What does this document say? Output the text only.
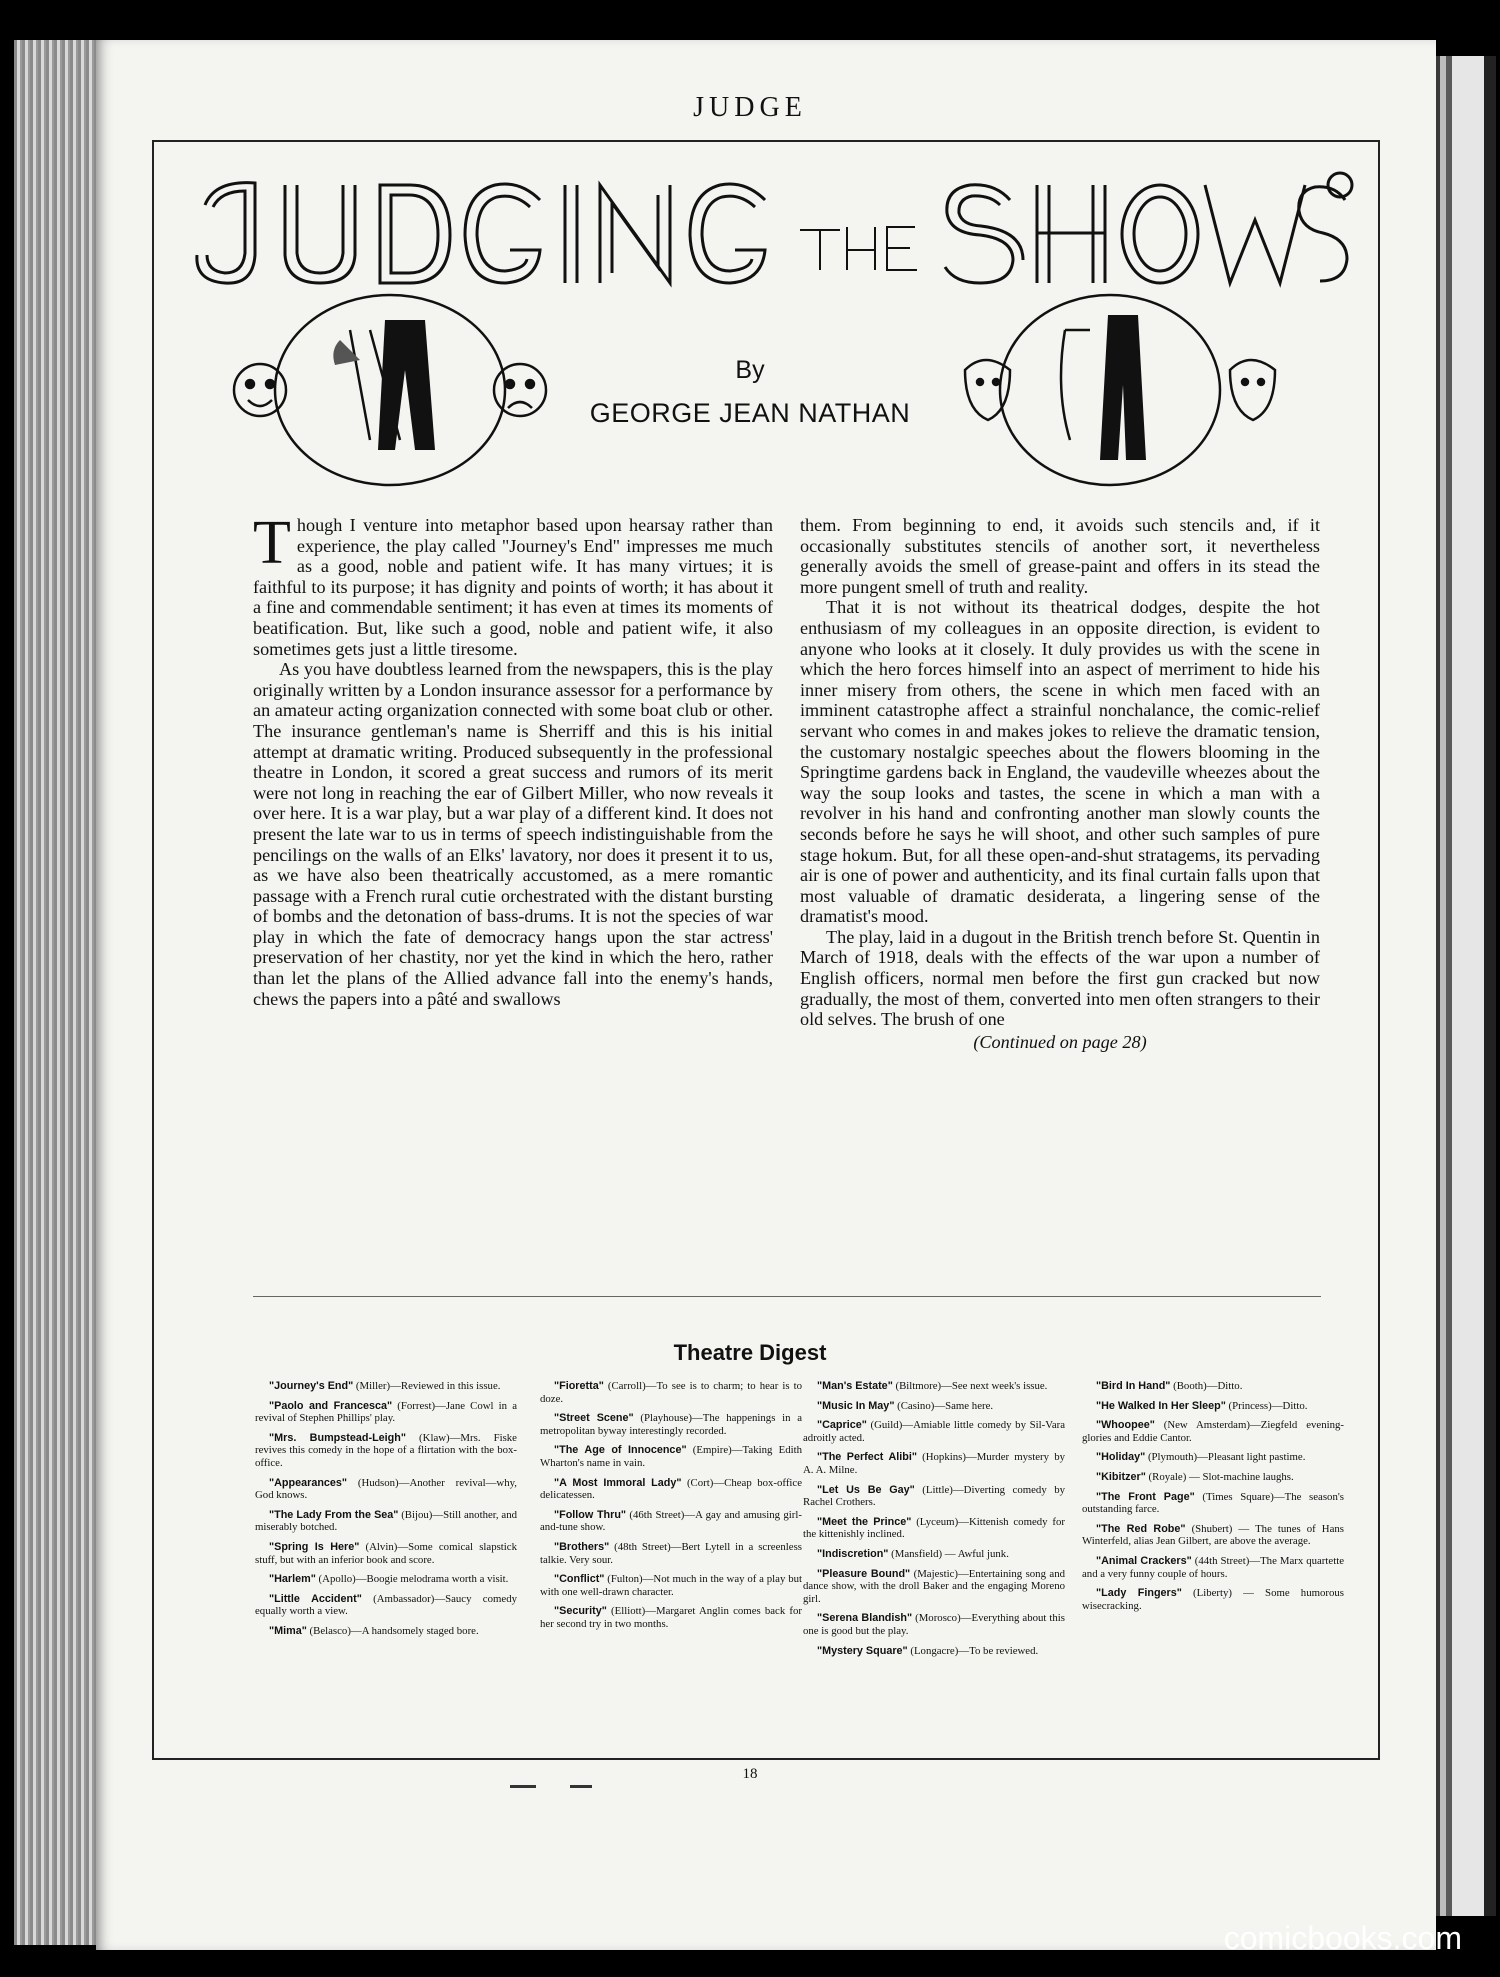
JUDGE
By
GEORGE JEAN NATHAN

Though I venture into metaphor based upon hearsay rather than experience, the play called "Journey's End" impresses me much as a good, noble and patient wife. It has many virtues; it is faithful to its purpose; it has dignity and points of worth; it has about it a fine and commendable sentiment; it has even at times its moments of beatification. But, like such a good, noble and patient wife, it also sometimes gets just a little tiresome.

As you have doubtless learned from the newspapers, this is the play originally written by a London insurance assessor for a performance by an amateur acting organization connected with some boat club or other. The insurance gentleman's name is Sherriff and this is his initial attempt at dramatic writing. Produced subsequently in the professional theatre in London, it scored a great success and rumors of its merit were not long in reaching the ear of Gilbert Miller, who now reveals it over here. It is a war play, but a war play of a different kind. It does not present the late war to us in terms of speech indistinguishable from the pencilings on the walls of an Elks' lavatory, nor does it present it to us, as we have also been theatrically accustomed, as a mere romantic passage with a French rural cutie orchestrated with the distant bursting of bombs and the detonation of bass-drums. It is not the species of war play in which the fate of democracy hangs upon the star actress' preservation of her chastity, nor yet the kind in which the hero, rather than let the plans of the Allied advance fall into the enemy's hands, chews the papers into a pâté and swallows

them. From beginning to end, it avoids such stencils and, if it occasionally substitutes stencils of another sort, it nevertheless generally avoids the smell of grease-paint and offers in its stead the more pungent smell of truth and reality.

That it is not without its theatrical dodges, despite the hot enthusiasm of my colleagues in an opposite direction, is evident to anyone who looks at it closely. It duly provides us with the scene in which the hero forces himself into an aspect of merriment to hide his inner misery from others, the scene in which men faced with an imminent catastrophe affect a strainful nonchalance, the comic-relief servant who comes in and makes jokes to relieve the dramatic tension, the customary nostalgic speeches about the flowers blooming in the Springtime gardens back in England, the vaudeville wheezes about the way the soup looks and tastes, the scene in which a man with a revolver in his hand and confronting another man slowly counts the seconds before he says he will shoot, and other such samples of pure stage hokum. But, for all these open-and-shut stratagems, its pervading air is one of power and authenticity, and its final curtain falls upon that most valuable of dramatic desiderata, a lingering sense of the dramatist's mood.

The play, laid in a dugout in the British trench before St. Quentin in March of 1918, deals with the effects of the war upon a number of English officers, normal men before the first gun cracked but now gradually, the most of them, converted into men often strangers to their old selves. The brush of one

(Continued on page 28)

Theatre Digest

"Journey's End" (Miller)—Reviewed in this issue.

"Paolo and Francesca" (Forrest)—Jane Cowl in a revival of Stephen Phillips' play.

"Mrs. Bumpstead-Leigh" (Klaw)—Mrs. Fiske revives this comedy in the hope of a flirtation with the box-office.

"Appearances" (Hudson)—Another revival—why, God knows.

"The Lady From the Sea" (Bijou)—Still another, and miserably botched.

"Spring Is Here" (Alvin)—Some comical slapstick stuff, but with an inferior book and score.

"Harlem" (Apollo)—Boogie melodrama worth a visit.

"Little Accident" (Ambassador)—Saucy comedy equally worth a view.

"Mima" (Belasco)—A handsomely staged bore.

"Fioretta" (Carroll)—To see is to charm; to hear is to doze.

"Street Scene" (Playhouse)—The happenings in a metropolitan byway interestingly recorded.

"The Age of Innocence" (Empire)—Taking Edith Wharton's name in vain.

"A Most Immoral Lady" (Cort)—Cheap box-office delicatessen.

"Follow Thru" (46th Street)—A gay and amusing girl-and-tune show.

"Brothers" (48th Street)—Bert Lytell in a screenless talkie. Very sour.

"Conflict" (Fulton)—Not much in the way of a play but with one well-drawn character.

"Security" (Elliott)—Margaret Anglin comes back for her second try in two months.

"Man's Estate" (Biltmore)—See next week's issue.

"Music In May" (Casino)—Same here.

"Caprice" (Guild)—Amiable little comedy by Sil-Vara adroitly acted.

"The Perfect Alibi" (Hopkins)—Murder mystery by A. A. Milne.

"Let Us Be Gay" (Little)—Diverting comedy by Rachel Crothers.

"Meet the Prince" (Lyceum)—Kittenish comedy for the kittenishly inclined.

"Indiscretion" (Mansfield) — Awful junk.

"Pleasure Bound" (Majestic)—Entertaining song and dance show, with the droll Baker and the engaging Moreno girl.

"Serena Blandish" (Morosco)—Everything about this one is good but the play.

"Mystery Square" (Longacre)—To be reviewed.

"Bird In Hand" (Booth)—Ditto.

"He Walked In Her Sleep" (Princess)—Ditto.

"Whoopee" (New Amsterdam)—Ziegfeld evening-glories and Eddie Cantor.

"Holiday" (Plymouth)—Pleasant light pastime.

"Kibitzer" (Royale) — Slot-machine laughs.

"The Front Page" (Times Square)—The season's outstanding farce.

"The Red Robe" (Shubert) — The tunes of Hans Winterfeld, alias Jean Gilbert, are above the average.

"Animal Crackers" (44th Street)—The Marx quartette and a very funny couple of hours.

"Lady Fingers" (Liberty) — Some humorous wisecracking.

18
comicbooks.com
